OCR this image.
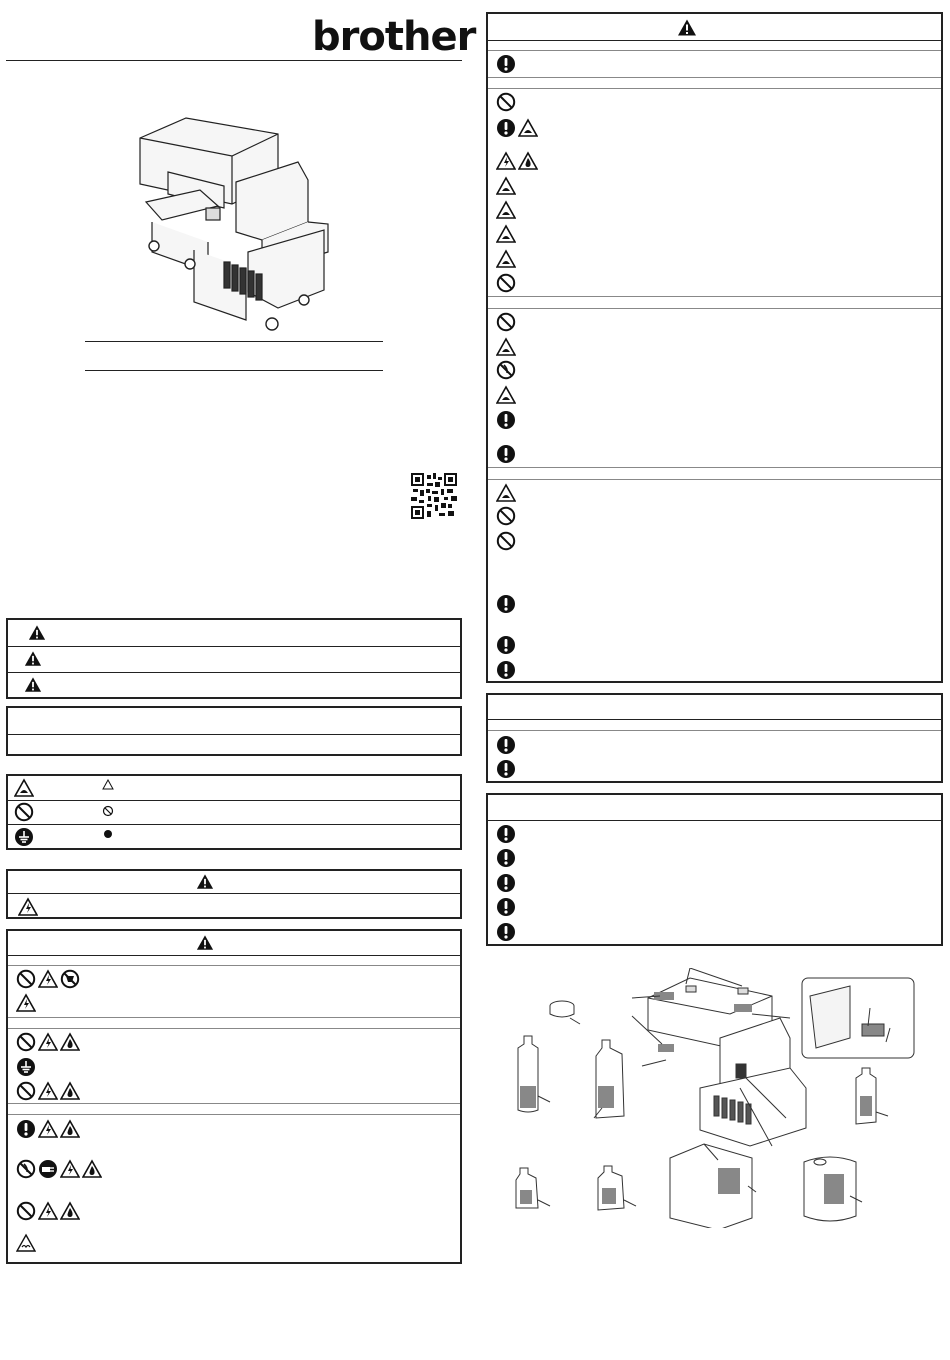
brother
